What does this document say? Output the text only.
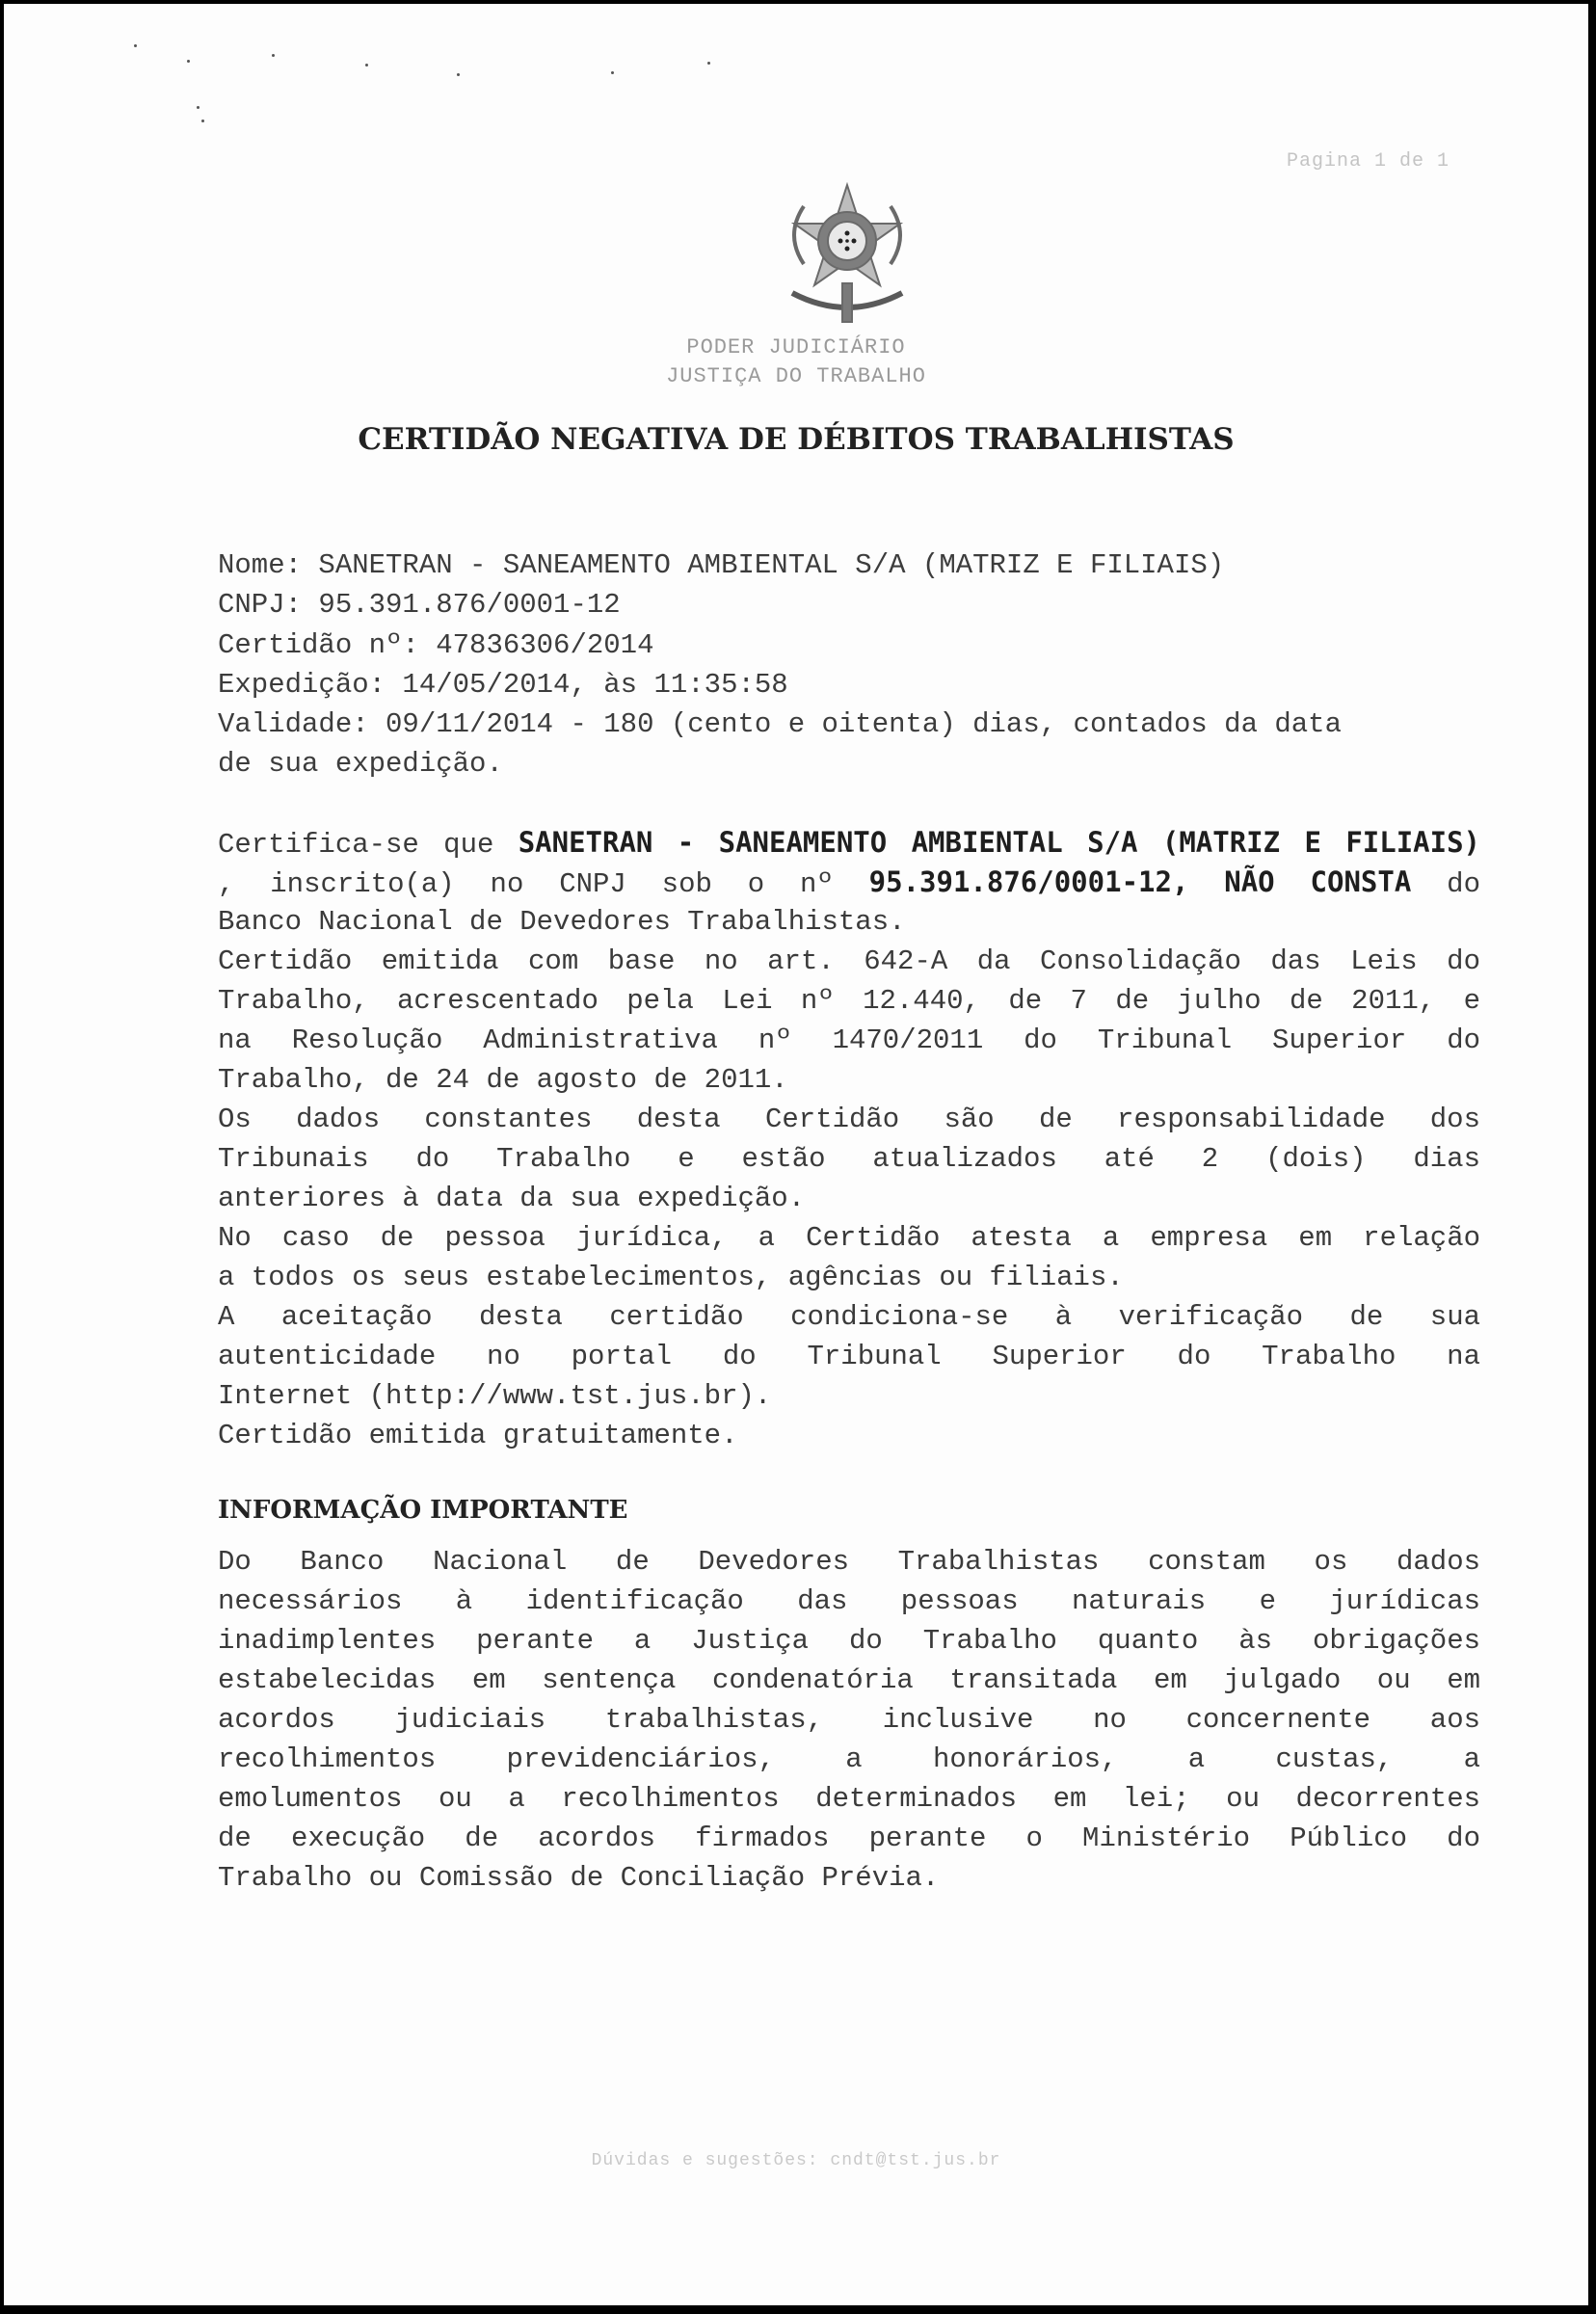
Pagina 1 de 1
PODER JUDICIÁRIO
JUSTIÇA DO TRABALHO
CERTIDÃO NEGATIVA DE DÉBITOS TRABALHISTAS
Nome: SANETRAN - SANEAMENTO AMBIENTAL S/A (MATRIZ E FILIAIS)
CNPJ: 95.391.876/0001-12
Certidão nº: 47836306/2014
Expedição: 14/05/2014, às 11:35:58
Validade: 09/11/2014 - 180 (cento e oitenta) dias, contados da data
de sua expedição.
Certifica-se que SANETRAN - SANEAMENTO AMBIENTAL S/A (MATRIZ E FILIAIS)
, inscrito(a) no CNPJ sob o nº 95.391.876/0001-12, NÃO CONSTA do
Banco Nacional de Devedores Trabalhistas.
Certidão emitida com base no art. 642-A da Consolidação das Leis do
Trabalho, acrescentado pela Lei nº 12.440, de 7 de julho de 2011, e
na Resolução Administrativa nº 1470/2011 do Tribunal Superior do
Trabalho, de 24 de agosto de 2011.
Os dados constantes desta Certidão são de responsabilidade dos
Tribunais do Trabalho e estão atualizados até 2 (dois) dias
anteriores à data da sua expedição.
No caso de pessoa jurídica, a Certidão atesta a empresa em relação
a todos os seus estabelecimentos, agências ou filiais.
A aceitação desta certidão condiciona-se à verificação de sua
autenticidade no portal do Tribunal Superior do Trabalho na
Internet (http://www.tst.jus.br).
Certidão emitida gratuitamente.
INFORMAÇÃO IMPORTANTE
Do Banco Nacional de Devedores Trabalhistas constam os dados
necessários à identificação das pessoas naturais e jurídicas
inadimplentes perante a Justiça do Trabalho quanto às obrigações
estabelecidas em sentença condenatória transitada em julgado ou em
acordos judiciais trabalhistas, inclusive no concernente aos
recolhimentos previdenciários, a honorários, a custas, a
emolumentos ou a recolhimentos determinados em lei; ou decorrentes
de execução de acordos firmados perante o Ministério Público do
Trabalho ou Comissão de Conciliação Prévia.
Dúvidas e sugestões: cndt@tst.jus.br
